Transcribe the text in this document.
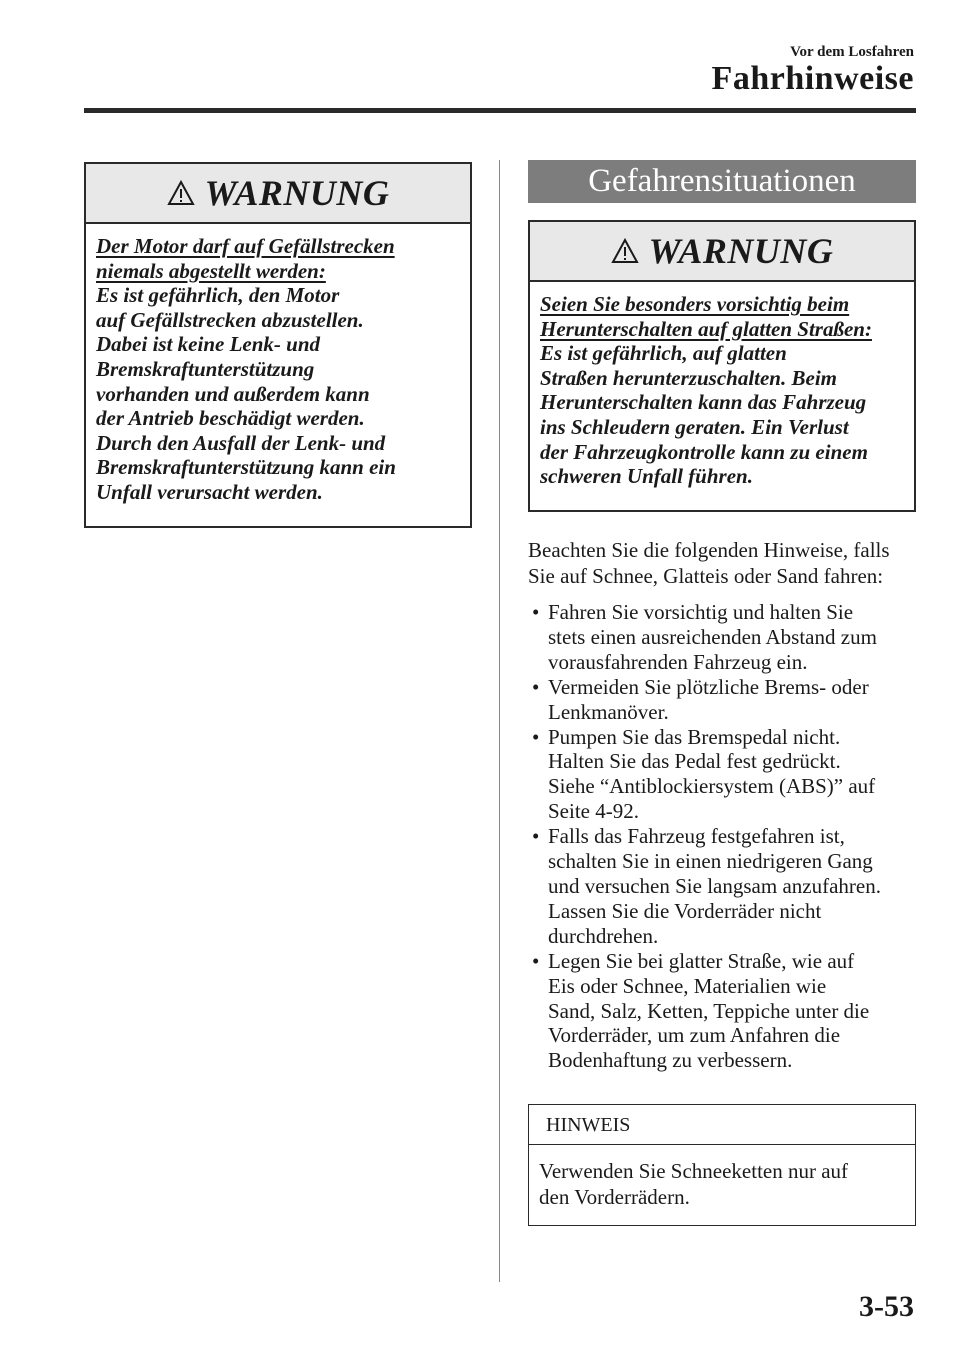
Vor dem Losfahren
Fahrhinweise
WARNUNG
Der Motor darf auf Gefällstrecken
niemals abgestellt werden:
Es ist gefährlich, den Motor
auf Gefällstrecken abzustellen.
Dabei ist keine Lenk- und
Bremskraftunterstützung
vorhanden und außerdem kann
der Antrieb beschädigt werden.
Durch den Ausfall der Lenk- und
Bremskraftunterstützung kann ein
Unfall verursacht werden.
Gefahrensituationen
WARNUNG
Seien Sie besonders vorsichtig beim
Herunterschalten auf glatten Straßen:
Es ist gefährlich, auf glatten
Straßen herunterzuschalten. Beim
Herunterschalten kann das Fahrzeug
ins Schleudern geraten. Ein Verlust
der Fahrzeugkontrolle kann zu einem
schweren Unfall führen.
Beachten Sie die folgenden Hinweise, falls
Sie auf Schnee, Glatteis oder Sand fahren:
• Fahren Sie vorsichtig und halten Sie
stets einen ausreichenden Abstand zum
vorausfahrenden Fahrzeug ein.
• Vermeiden Sie plötzliche Brems- oder
Lenkmanöver.
• Pumpen Sie das Bremspedal nicht.
Halten Sie das Pedal fest gedrückt.
Siehe “Antiblockiersystem (ABS)” auf
Seite 4-92.
• Falls das Fahrzeug festgefahren ist,
schalten Sie in einen niedrigeren Gang
und versuchen Sie langsam anzufahren.
Lassen Sie die Vorderräder nicht
durchdrehen.
• Legen Sie bei glatter Straße, wie auf
Eis oder Schnee, Materialien wie
Sand, Salz, Ketten, Teppiche unter die
Vorderräder, um zum Anfahren die
Bodenhaftung zu verbessern.
HINWEIS
Verwenden Sie Schneeketten nur auf
den Vorderrädern.
3-53
